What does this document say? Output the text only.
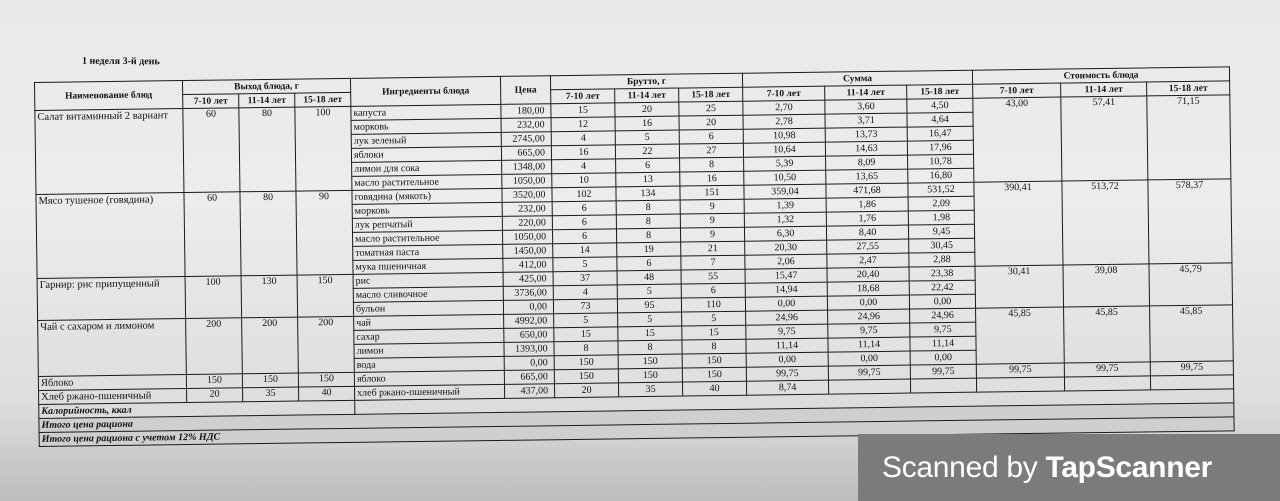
1 неделя 3-й день
Наименование блюд	Выход блюда, г			Ингредиенты блюда	Цена	Брутто, г			Сумма			Стоимость блюда		
	7-10 лет	11-14 лет	15-18 лет			7-10 лет	11-14 лет	15-18 лет	7-10 лет	11-14 лет	15-18 лет	7-10 лет	11-14 лет	15-18 лет
Салат витаминный 2 вариант	60	80	100	капуста	180,00	15	20	25	2,70	3,60	4,50	43,00	57,41	71,15
				морковь	232,00	12	16	20	2,78	3,71	4,64			
				лук зеленый	2745,00	4	5	6	10,98	13,73	16,47			
				яблоки	665,00	16	22	27	10,64	14,63	17,96			
				лимон для сока	1348,00	4	6	8	5,39	8,09	10,78			
				масло растительное	1050,00	10	13	16	10,50	13,65	16,80			
Мясо тушеное (говядина)	60	80	90	говядина (мякоть)	3520,00	102	134	151	359,04	471,68	531,52	390,41	513,72	578,37
				морковь	232,00	6	8	9	1,39	1,86	2,09			
				лук репчатый	220,00	6	8	9	1,32	1,76	1,98			
				масло растительное	1050,00	6	8	9	6,30	8,40	9,45			
				томатная паста	1450,00	14	19	21	20,30	27,55	30,45			
				мука пшеничная	412,00	5	6	7	2,06	2,47	2,88			
Гарнир: рис припущенный	100	130	150	рис	425,00	37	48	55	15,47	20,40	23,38	30,41	39,08	45,79
				масло сливочное	3736,00	4	5	6	14,94	18,68	22,42			
				бульон	0,00	73	95	110	0,00	0,00	0,00			
Чай с сахаром и лимоном	200	200	200	чай	4992,00	5	5	5	24,96	24,96	24,96	45,85	45,85	45,85
				сахар	650,00	15	15	15	9,75	9,75	9,75			
				лимон	1393,00	8	8	8	11,14	11,14	11,14			
				вода	0,00	150	150	150	0,00	0,00	0,00			
Яблоко	150	150	150	яблоко	665,00	150	150	150	99,75	99,75	99,75	99,75	99,75	99,75
Хлеб ржано-пшеничный	20	35	40	хлеб ржано-пшеничный	437,00	20	35	40	8,74					
Калорийность, ккал														
Итого цена рациона														
Итого цена рациона с учетом 12% НДС														
Scanned by TapScanner
